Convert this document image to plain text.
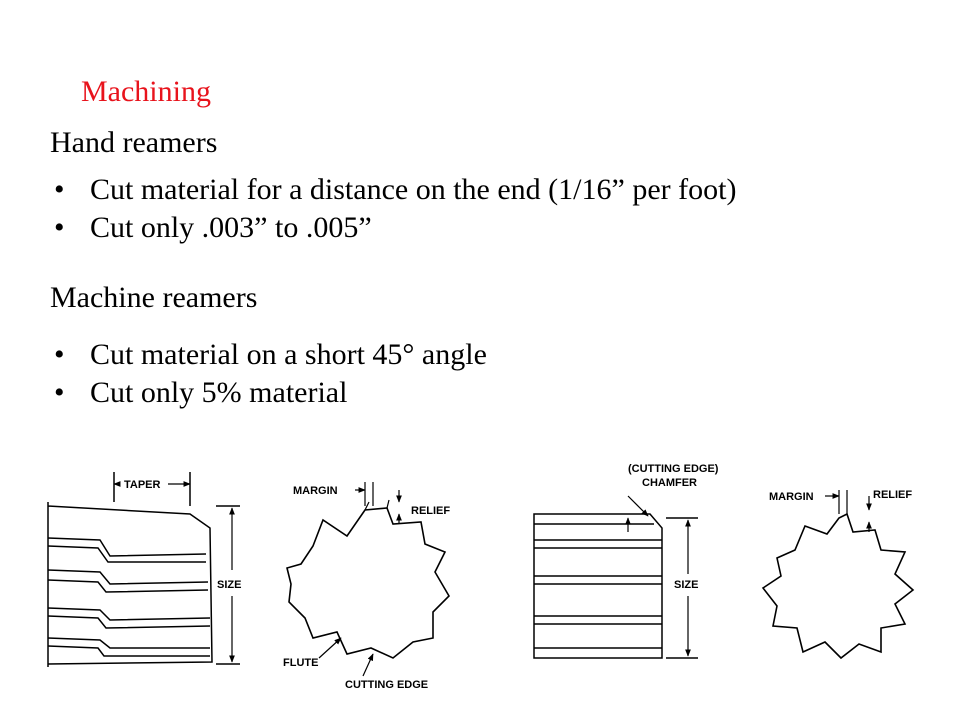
Machining
Hand reamers
• Cut material for a distance on the end (1/16” per foot)
• Cut only .003” to .005”
Machine reamers
• Cut material on a short 45° angle
• Cut only 5% material
TAPER
SIZE
MARGIN
RELIEF
FLUTE
CUTTING EDGE
(CUTTING EDGE)
CHAMFER
SIZE
MARGIN	RELIEF
